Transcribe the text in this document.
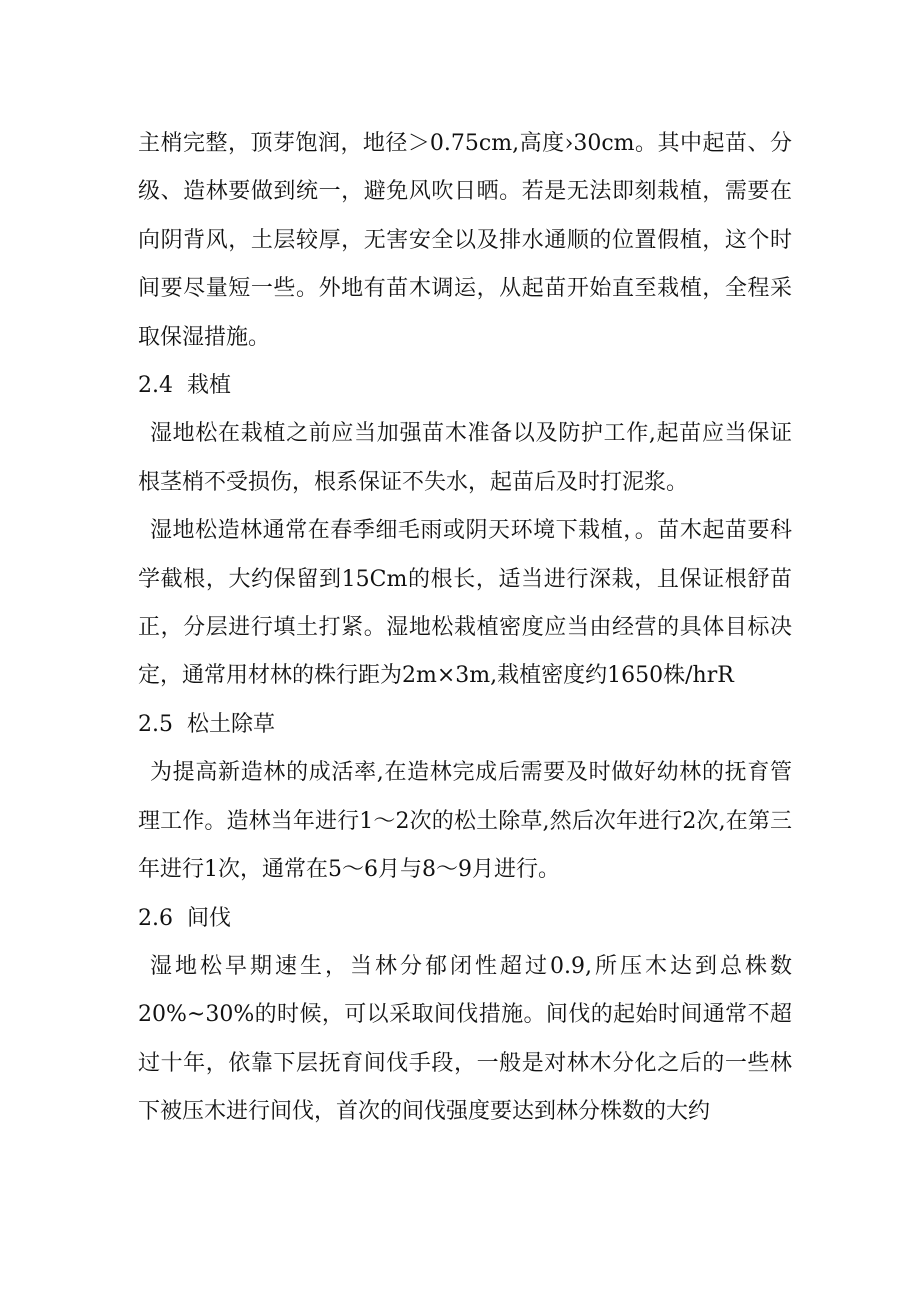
主梢完整，顶芽饱润，地径＞0.75cm,高度›30cm。其中起苗、分级、造林要做到统一，避免风吹日晒。若是无法即刻栽植，需要在向阴背风，土层较厚，无害安全以及排水通顺的位置假植，这个时间要尽量短一些。外地有苗木调运，从起苗开始直至栽植，全程采取保湿措施。

2.4 栽植

湿地松在栽植之前应当加强苗木准备以及防护工作,起苗应当保证根茎梢不受损伤，根系保证不失水，起苗后及时打泥浆。

湿地松造林通常在春季细毛雨或阴天环境下栽植，。苗木起苗要科学截根，大约保留到15Cm的根长，适当进行深栽，且保证根舒苗正，分层进行填土打紧。湿地松栽植密度应当由经营的具体目标决定，通常用材林的株行距为2m×3m,栽植密度约1650株/hrR

2.5 松土除草

为提高新造林的成活率,在造林完成后需要及时做好幼林的抚育管理工作。造林当年进行1～2次的松土除草,然后次年进行2次,在第三年进行1次，通常在5～6月与8～9月进行。

2.6 间伐

湿地松早期速生，当林分郁闭性超过0.9,所压木达到总株数20%~30%的时候，可以采取间伐措施。间伐的起始时间通常不超过十年，依靠下层抚育间伐手段，一般是对林木分化之后的一些林下被压木进行间伐，首次的间伐强度要达到林分株数的大约
